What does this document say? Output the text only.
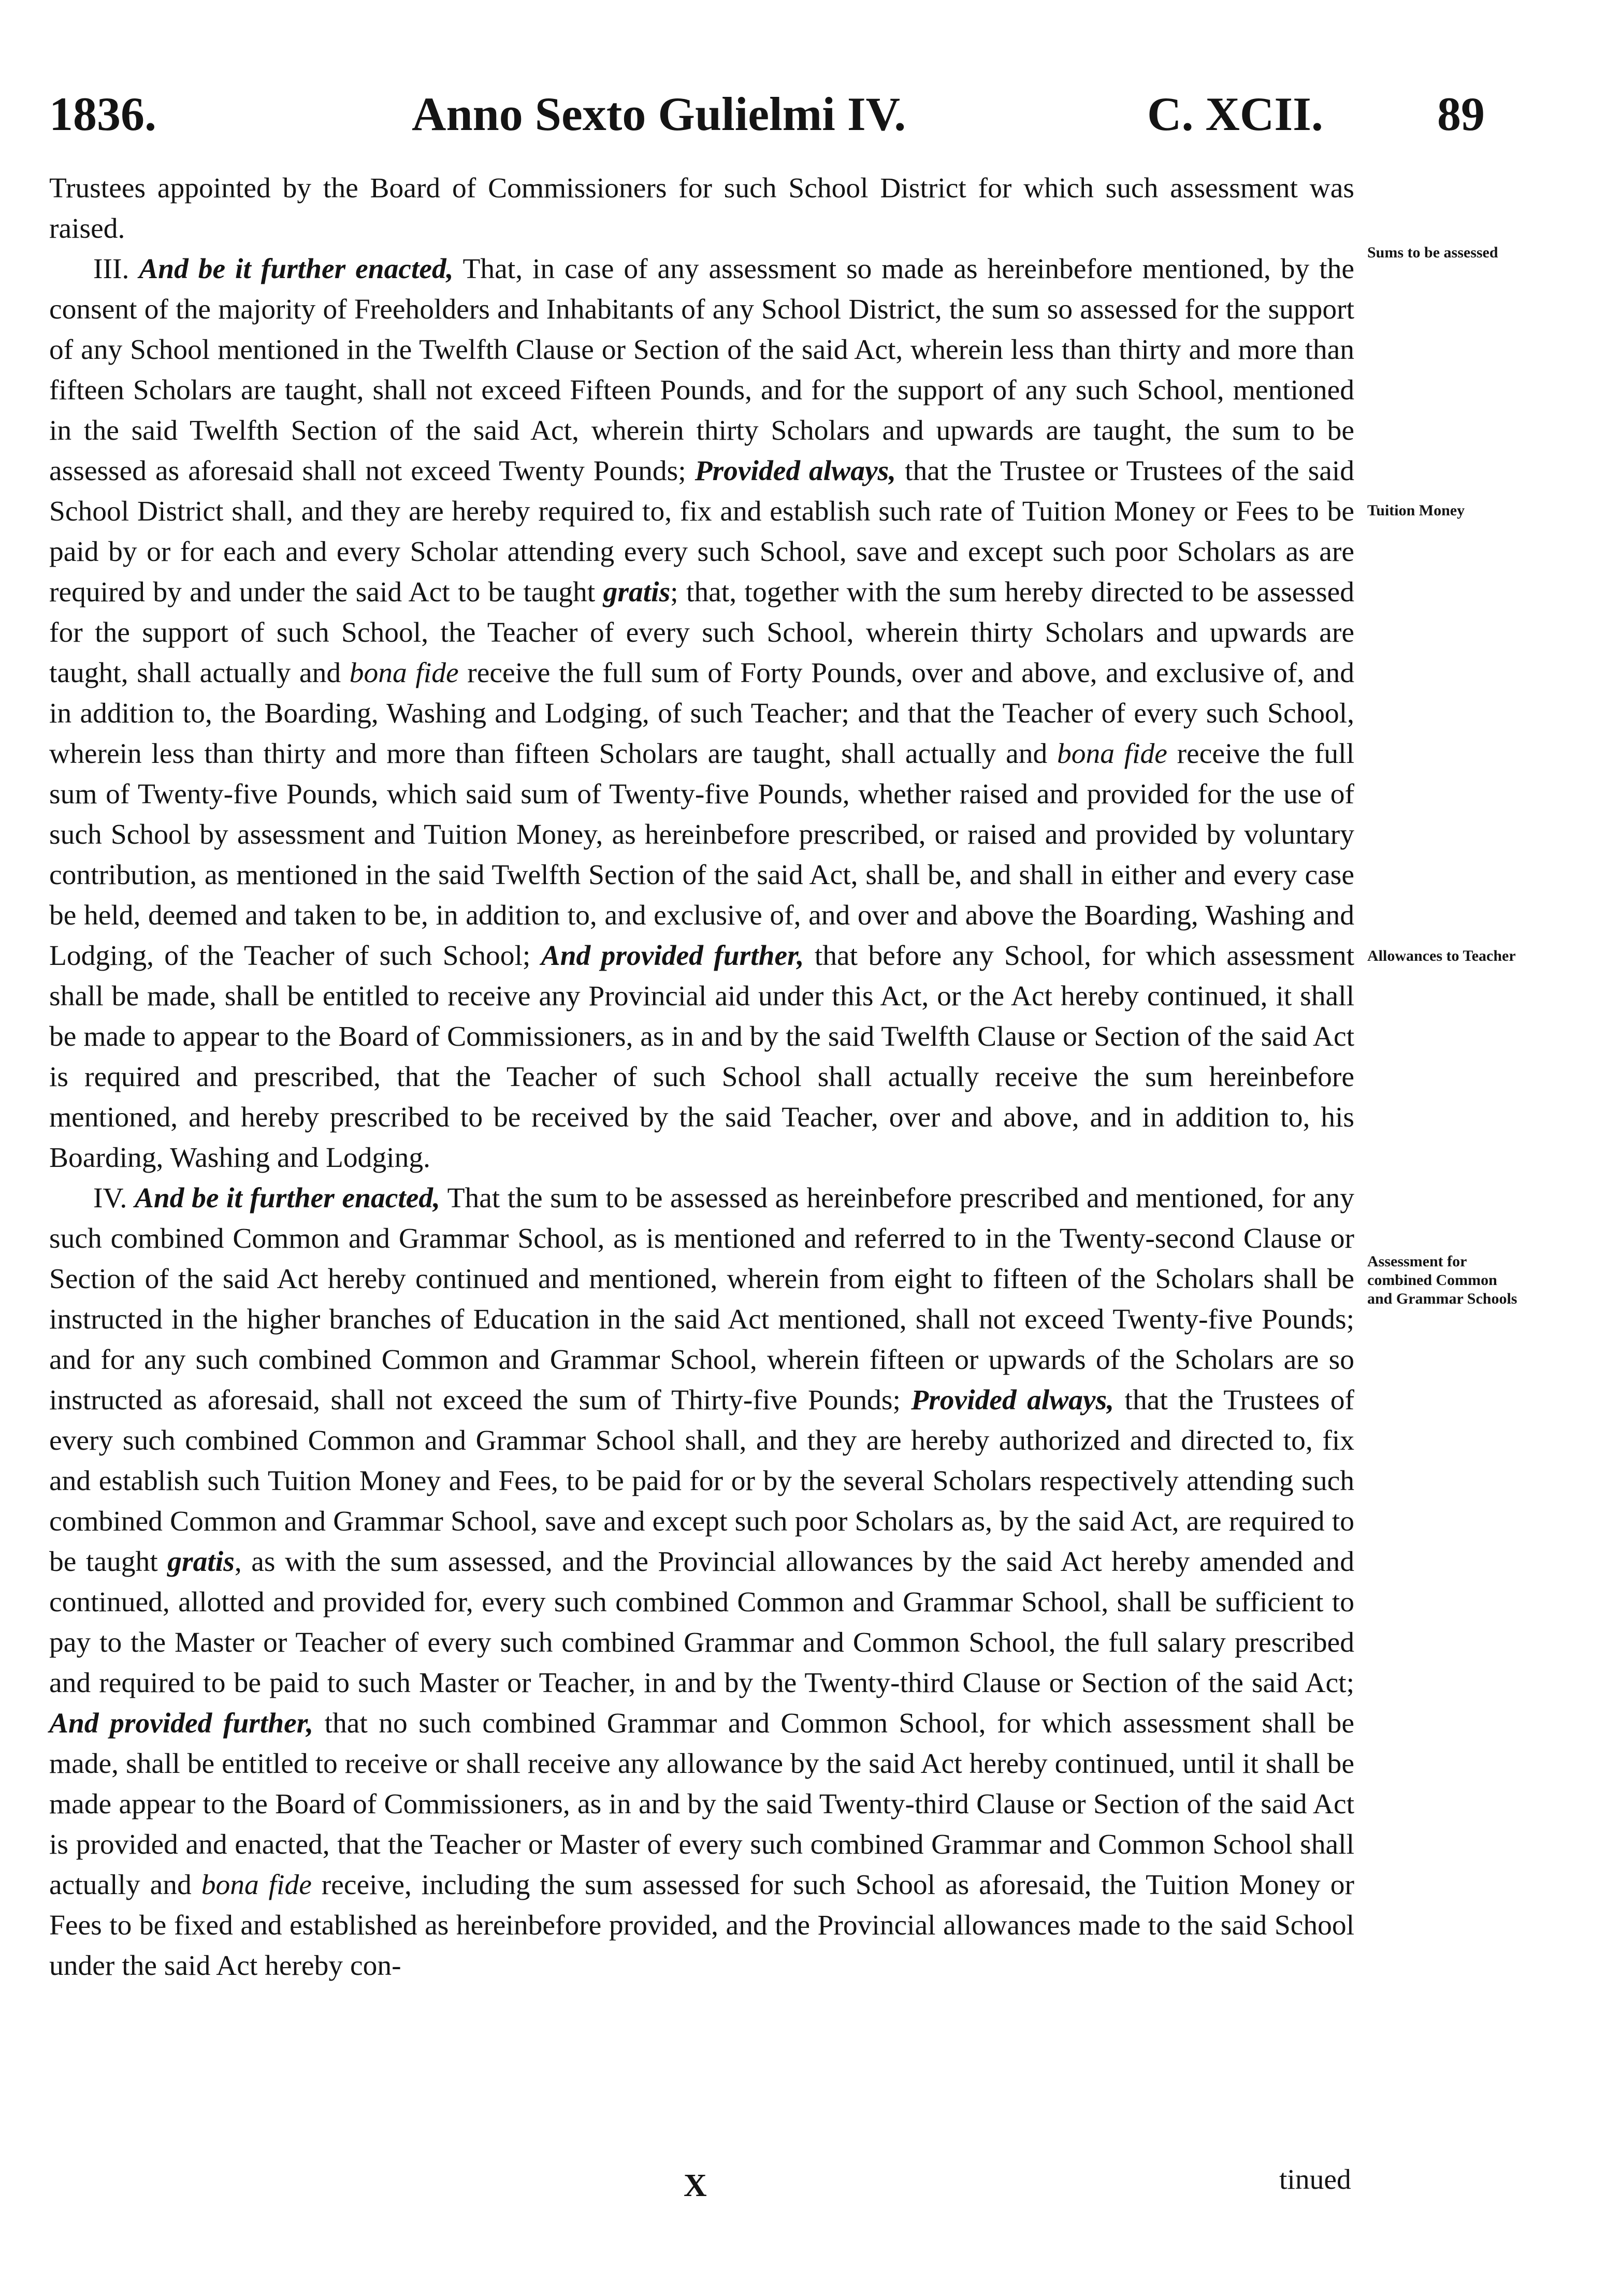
1836.	Anno Sexto Gulielmi IV.	C. XCII. 89

Trustees appointed by the Board of Commissioners for such School District for which such assessment was raised.

III. And be it further enacted, That, in case of any assessment so made as hereinbefore mentioned, by the consent of the majority of Freeholders and Inhabitants of any School District, the sum so assessed for the support of any School mentioned in the Twelfth Clause or Section of the said Act, wherein less than thirty and more than fifteen Scholars are taught, shall not exceed Fifteen Pounds, and for the support of any such School, mentioned in the said Twelfth Section of the said Act, wherein thirty Scholars and upwards are taught, the sum to be assessed as aforesaid shall not exceed Twenty Pounds; Provided always, that the Trustee or Trustees of the said School District shall, and they are hereby required to, fix and establish such rate of Tuition Money or Fees to be paid by or for each and every Scholar attending every such School, save and except such poor Scholars as are required by and under the said Act to be taught gratis; that, together with the sum hereby directed to be assessed for the support of such School, the Teacher of every such School, wherein thirty Scholars and upwards are taught, shall actually and bona fide receive the full sum of Forty Pounds, over and above, and exclusive of, and in addition to, the Boarding, Washing and Lodging, of such Teacher; and that the Teacher of every such School, wherein less than thirty and more than fifteen Scholars are taught, shall actually and bona fide receive the full sum of Twenty-five Pounds, which said sum of Twenty-five Pounds, whether raised and provided for the use of such School by assessment and Tuition Money, as hereinbefore prescribed, or raised and provided by voluntary contribution, as mentioned in the said Twelfth Section of the said Act, shall be, and shall in either and every case be held, deemed and taken to be, in addition to, and exclusive of, and over and above the Boarding, Washing and Lodging, of the Teacher of such School; And provided further, that before any School, for which assessment shall be made, shall be entitled to receive any Provincial aid under this Act, or the Act hereby continued, it shall be made to appear to the Board of Commissioners, as in and by the said Twelfth Clause or Section of the said Act is required and prescribed, that the Teacher of such School shall actually receive the sum hereinbefore mentioned, and hereby prescribed to be received by the said Teacher, over and above, and in addition to, his Boarding, Washing and Lodging.

IV. And be it further enacted, That the sum to be assessed as hereinbefore prescribed and mentioned, for any such combined Common and Grammar School, as is mentioned and referred to in the Twenty-second Clause or Section of the said Act hereby continued and mentioned, wherein from eight to fifteen of the Scholars shall be instructed in the higher branches of Education in the said Act mentioned, shall not exceed Twenty-five Pounds; and for any such combined Common and Grammar School, wherein fifteen or upwards of the Scholars are so instructed as aforesaid, shall not exceed the sum of Thirty-five Pounds; Provided always, that the Trustees of every such combined Common and Grammar School shall, and they are hereby authorized and directed to, fix and establish such Tuition Money and Fees, to be paid for or by the several Scholars respectively attending such combined Common and Grammar School, save and except such poor Scholars as, by the said Act, are required to be taught gratis, as with the sum assessed, and the Provincial allowances by the said Act hereby amended and continued, allotted and provided for, every such combined Common and Grammar School, shall be sufficient to pay to the Master or Teacher of every such combined Grammar and Common School, the full salary prescribed and required to be paid to such Master or Teacher, in and by the Twenty-third Clause or Section of the said Act; And provided further, that no such combined Grammar and Common School, for which assessment shall be made, shall be entitled to receive or shall receive any allowance by the said Act hereby continued, until it shall be made appear to the Board of Commissioners, as in and by the said Twenty-third Clause or Section of the said Act is provided and enacted, that the Teacher or Master of every such combined Grammar and Common School shall actually and bona fide receive, including the sum assessed for such School as aforesaid, the Tuition Money or Fees to be fixed and established as hereinbefore provided, and the Provincial allowances made to the said School under the said Act hereby con-

Sums to be assessed
Tuition Money
Allowances to Teacher
Assessment for combined Common and Grammar Schools
X	tinued
